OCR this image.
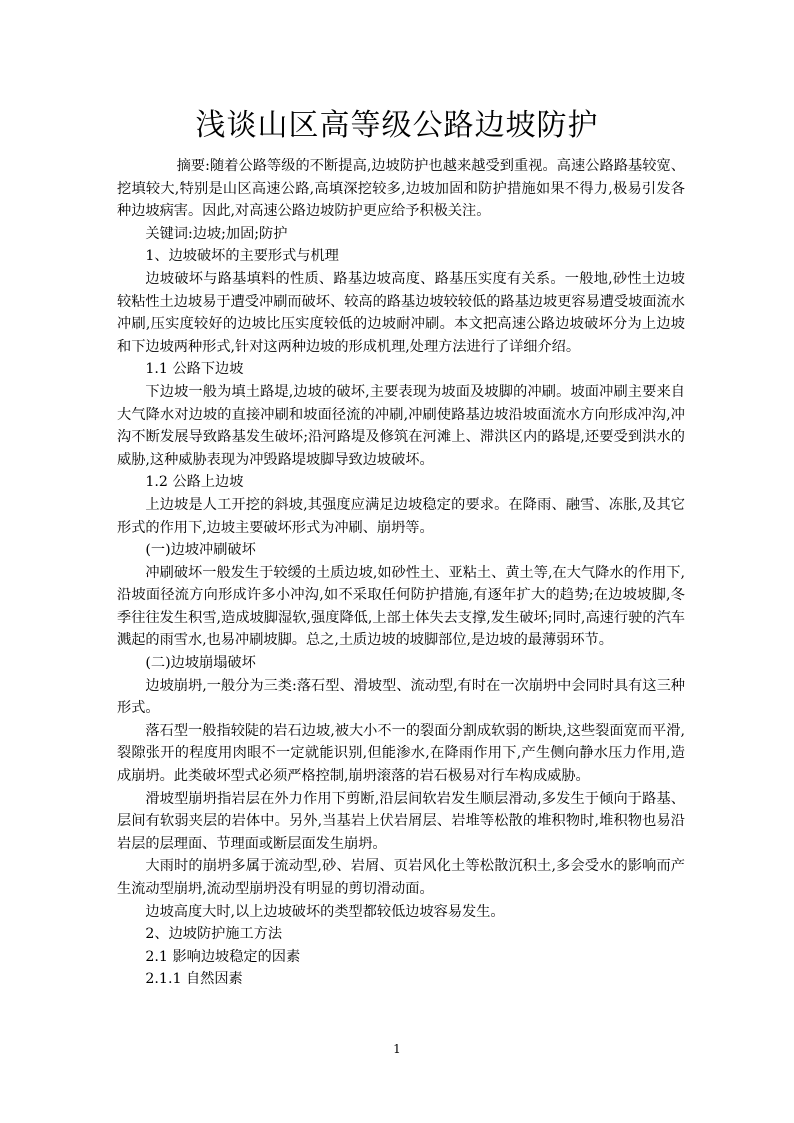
浅谈山区高等级公路边坡防护

摘要:随着公路等级的不断提高,边坡防护也越来越受到重视。高速公路路基较宽、挖填较大,特别是山区高速公路,高填深挖较多,边坡加固和防护措施如果不得力,极易引发各种边坡病害。因此,对高速公路边坡防护更应给予积极关注。

关键词:边坡;加固;防护

1、边坡破坏的主要形式与机理

边坡破坏与路基填料的性质、路基边坡高度、路基压实度有关系。一般地,砂性土边坡较粘性土边坡易于遭受冲刷而破坏、较高的路基边坡较较低的路基边坡更容易遭受坡面流水冲刷,压实度较好的边坡比压实度较低的边坡耐冲刷。本文把高速公路边坡破坏分为上边坡和下边坡两种形式,针对这两种边坡的形成机理,处理方法进行了详细介绍。

1.1 公路下边坡

下边坡一般为填土路堤,边坡的破坏,主要表现为坡面及坡脚的冲刷。坡面冲刷主要来自大气降水对边坡的直接冲刷和坡面径流的冲刷,冲刷使路基边坡沿坡面流水方向形成冲沟,冲沟不断发展导致路基发生破坏;沿河路堤及修筑在河滩上、滞洪区内的路堤,还要受到洪水的威胁,这种威胁表现为冲毁路堤坡脚导致边坡破坏。

1.2 公路上边坡

上边坡是人工开挖的斜坡,其强度应满足边坡稳定的要求。在降雨、融雪、冻胀,及其它形式的作用下,边坡主要破坏形式为冲刷、崩坍等。

(一)边坡冲刷破坏

冲刷破坏一般发生于较缓的土质边坡,如砂性土、亚粘土、黄土等,在大气降水的作用下,沿坡面径流方向形成许多小冲沟,如不采取任何防护措施,有逐年扩大的趋势;在边坡坡脚,冬季往往发生积雪,造成坡脚湿软,强度降低,上部土体失去支撑,发生破坏;同时,高速行驶的汽车溅起的雨雪水,也易冲刷坡脚。总之,土质边坡的坡脚部位,是边坡的最薄弱环节。

(二)边坡崩塌破坏

边坡崩坍,一般分为三类:落石型、滑坡型、流动型,有时在一次崩坍中会同时具有这三种形式。

落石型一般指较陡的岩石边坡,被大小不一的裂面分割成软弱的断块,这些裂面宽而平滑,裂隙张开的程度用肉眼不一定就能识别,但能渗水,在降雨作用下,产生侧向静水压力作用,造成崩坍。此类破坏型式必须严格控制,崩坍滚落的岩石极易对行车构成威胁。

滑坡型崩坍指岩层在外力作用下剪断,沿层间软岩发生顺层滑动,多发生于倾向于路基、层间有软弱夹层的岩体中。另外,当基岩上伏岩屑层、岩堆等松散的堆积物时,堆积物也易沿岩层的层理面、节理面或断层面发生崩坍。

大雨时的崩坍多属于流动型,砂、岩屑、页岩风化土等松散沉积土,多会受水的影响而产生流动型崩坍,流动型崩坍没有明显的剪切滑动面。

边坡高度大时,以上边坡破坏的类型都较低边坡容易发生。

2、边坡防护施工方法

2.1 影响边坡稳定的因素

2.1.1 自然因素

1
